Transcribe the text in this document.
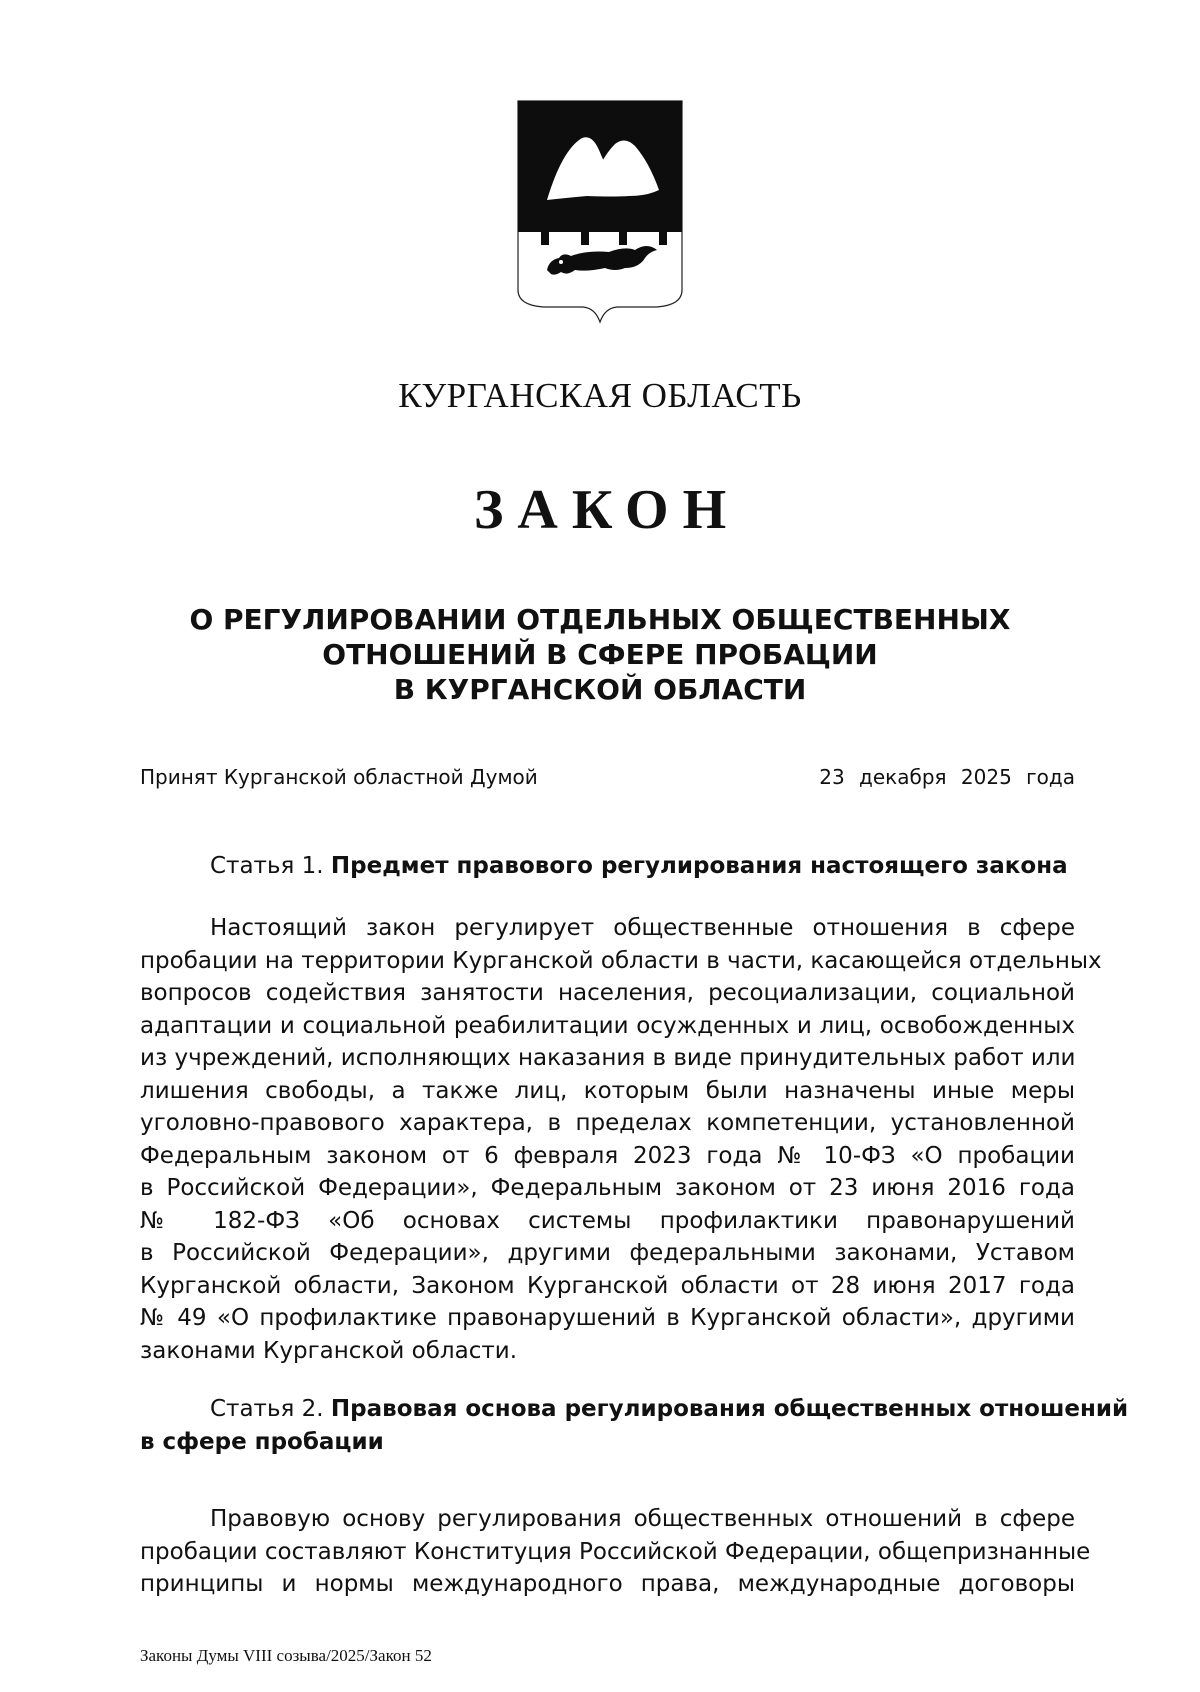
КУРГАНСКАЯ ОБЛАСТЬ
ЗАКОН
О РЕГУЛИРОВАНИИ ОТДЕЛЬНЫХ ОБЩЕСТВЕННЫХ
ОТНОШЕНИЙ В СФЕРЕ ПРОБАЦИИ
В КУРГАНСКОЙ ОБЛАСТИ
Принят Курганской областной Думой	23 декабря 2025 года
Статья 1. Предмет правового регулирования настоящего закона
Настоящий закон регулирует общественные отношения в сфере
пробации на территории Курганской области в части, касающейся отдельных
вопросов содействия занятости населения, ресоциализации, социальной
адаптации и социальной реабилитации осужденных и лиц, освобожденных
из учреждений, исполняющих наказания в виде принудительных работ или
лишения свободы, а также лиц, которым были назначены иные меры
уголовно-правового характера, в пределах компетенции, установленной
Федеральным законом от 6 февраля 2023 года № 10-ФЗ «О пробации
в Российской Федерации», Федеральным законом от 23 июня 2016 года
№ 182-ФЗ «Об основах системы профилактики правонарушений
в Российской Федерации», другими федеральными законами, Уставом
Курганской области, Законом Курганской области от 28 июня 2017 года
№ 49 «О профилактике правонарушений в Курганской области», другими
законами Курганской области.
Статья 2. Правовая основа регулирования общественных отношений
в сфере пробации
Правовую основу регулирования общественных отношений в сфере
пробации составляют Конституция Российской Федерации, общепризнанные
принципы и нормы международного права, международные договоры
Законы Думы VIII созыва/2025/Закон 52
